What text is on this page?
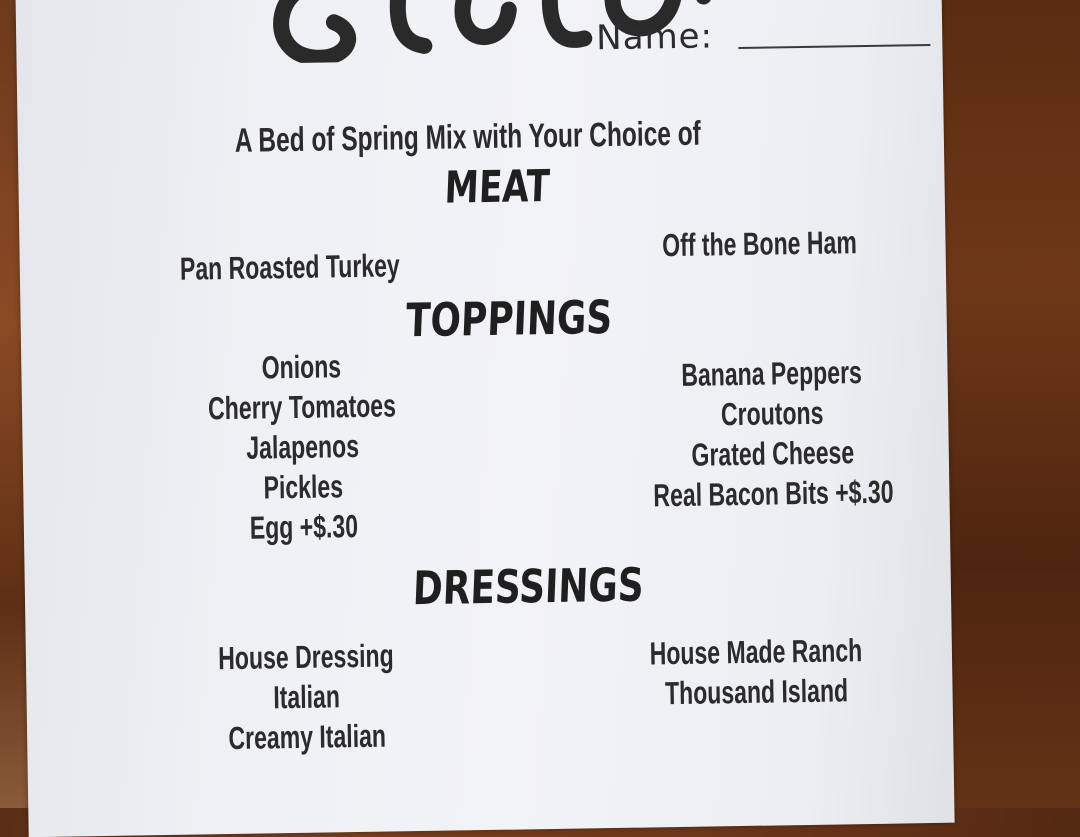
Name:
A Bed of Spring Mix with Your Choice of
MEAT
Pan Roasted Turkey
Off the Bone Ham
TOPPINGS
Onions
Cherry Tomatoes
Jalapenos
Pickles
Egg +$.30
Banana Peppers
Croutons
Grated Cheese
Real Bacon Bits +$.30
DRESSINGS
House Dressing
Italian
Creamy Italian
House Made Ranch
Thousand Island
